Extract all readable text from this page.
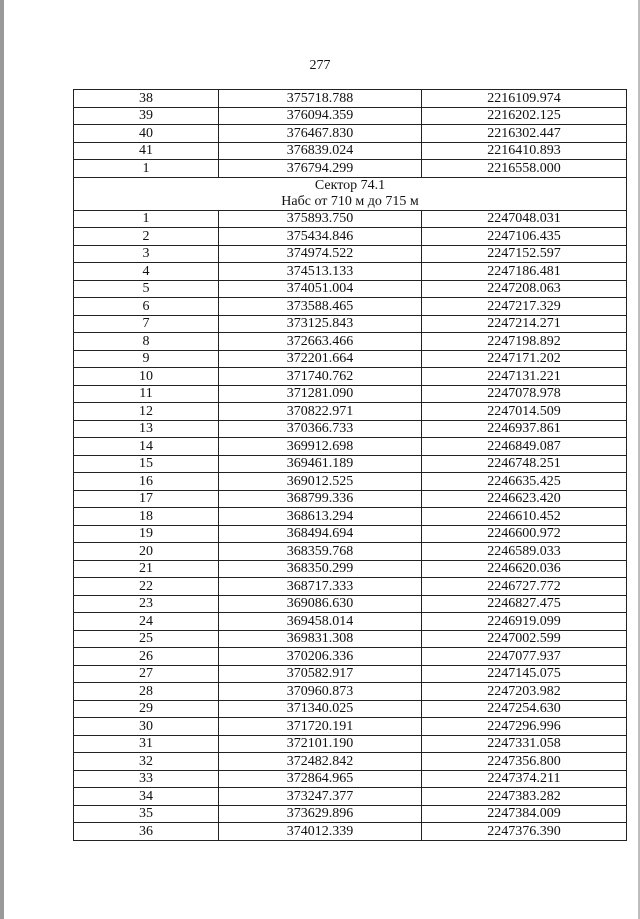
277
38	375718.788	2216109.974
39	376094.359	2216202.125
40	376467.830	2216302.447
41	376839.024	2216410.893
1	376794.299	2216558.000

Сектор 74.1
Набс от 710 м до 715 м		

1	375893.750	2247048.031
2	375434.846	2247106.435
3	374974.522	2247152.597
4	374513.133	2247186.481
5	374051.004	2247208.063
6	373588.465	2247217.329
7	373125.843	2247214.271
8	372663.466	2247198.892
9	372201.664	2247171.202
10	371740.762	2247131.221
11	371281.090	2247078.978
12	370822.971	2247014.509
13	370366.733	2246937.861
14	369912.698	2246849.087
15	369461.189	2246748.251
16	369012.525	2246635.425
17	368799.336	2246623.420
18	368613.294	2246610.452
19	368494.694	2246600.972
20	368359.768	2246589.033
21	368350.299	2246620.036
22	368717.333	2246727.772
23	369086.630	2246827.475
24	369458.014	2246919.099
25	369831.308	2247002.599
26	370206.336	2247077.937
27	370582.917	2247145.075
28	370960.873	2247203.982
29	371340.025	2247254.630
30	371720.191	2247296.996
31	372101.190	2247331.058
32	372482.842	2247356.800
33	372864.965	2247374.211
34	373247.377	2247383.282
35	373629.896	2247384.009
36	374012.339	2247376.390
